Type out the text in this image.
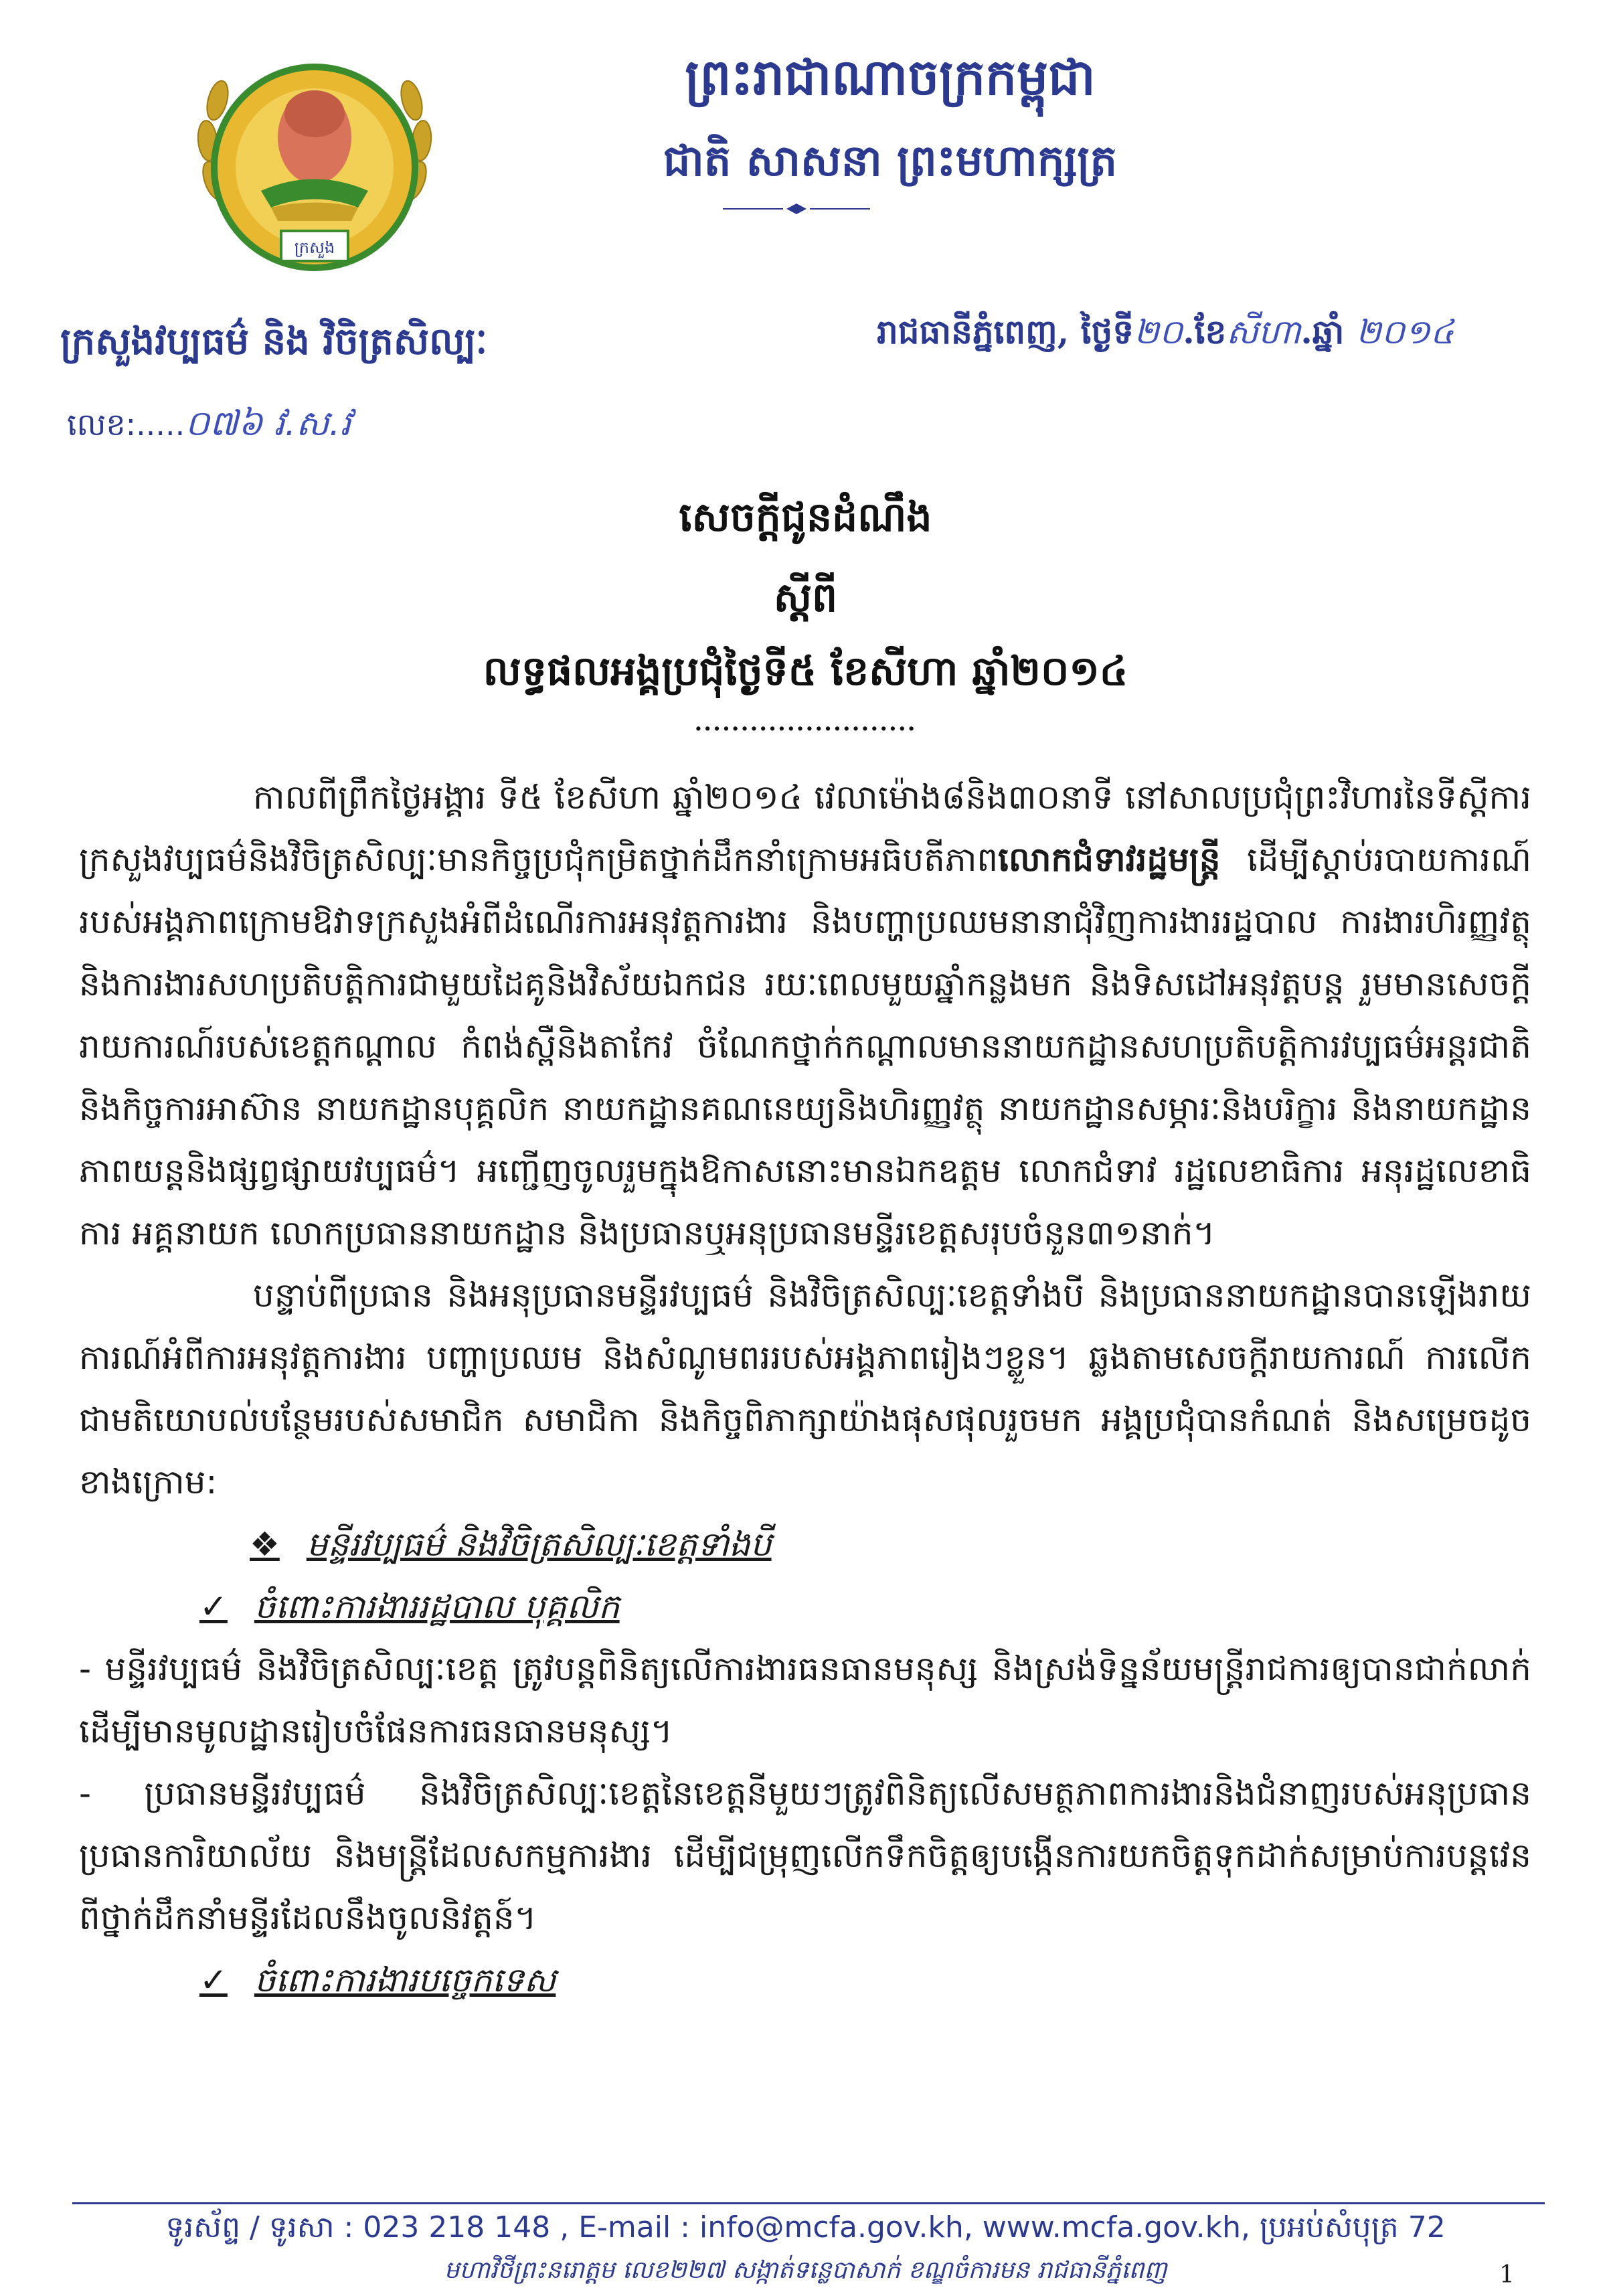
ក្រសួង
ព្រះរាជាណាចក្រកម្ពុជា
ជាតិ សាសនា ព្រះមហាក្សត្រ
ក្រសួងវប្បធម៌ និង វិចិត្រសិល្បៈ	រាជធានីភ្នំពេញ, ថ្ងៃទី២០.ខែសីហា.ឆ្នាំ ២០១៤
លេខ:.....០៧៦ វ.ស.វ
សេចក្តីជូនដំណឹង
ស្តីពី
លទ្ធផលអង្គប្រជុំថ្ងៃទី៥ ខែសីហា ឆ្នាំ២០១៤
........................

កាលពីព្រឹកថ្ងៃអង្គារ ទី៥ ខែសីហា ឆ្នាំ២០១៤ វេលាម៉ោង៨និង៣០នាទី នៅសាលប្រជុំព្រះវិហារនៃទីស្តីការក្រសួងវប្បធម៌និងវិចិត្រសិល្បៈមានកិច្ចប្រជុំកម្រិតថ្នាក់ដឹកនាំក្រោមអធិបតីភាពលោកជំទាវរដ្ឋមន្ត្រី ដើម្បីស្តាប់របាយការណ៍របស់អង្គភាពក្រោមឱវាទក្រសួងអំពីដំណើរការអនុវត្តការងារ និងបញ្ហាប្រឈមនានាជុំវិញការងាររដ្ឋបាល ការងារហិរញ្ញវត្ថុ និងការងារសហប្រតិបត្តិការជាមួយដៃគូនិងវិស័យឯកជន រយៈពេលមួយឆ្នាំកន្លងមក និងទិសដៅអនុវត្តបន្ត រួមមានសេចក្តីរាយការណ៍របស់ខេត្តកណ្តាល កំពង់ស្ពឺនិងតាកែវ ចំណែកថ្នាក់កណ្តាលមាននាយកដ្ឋានសហប្រតិបត្តិការវប្បធម៌អន្តរជាតិនិងកិច្ចការអាស៊ាន នាយកដ្ឋានបុគ្គលិក នាយកដ្ឋានគណនេយ្យនិងហិរញ្ញវត្ថុ នាយកដ្ឋានសម្ភារៈនិងបរិក្ខារ និងនាយកដ្ឋានភាពយន្តនិងផ្សព្វផ្សាយវប្បធម៌។ អញ្ជើញចូលរួមក្នុងឱកាសនោះមានឯកឧត្តម លោកជំទាវ រដ្ឋលេខាធិការ អនុរដ្ឋលេខាធិការ អគ្គនាយក លោកប្រធាននាយកដ្ឋាន និងប្រធានឬអនុប្រធានមន្ទីរខេត្តសរុបចំនួន៣១នាក់។

បន្ទាប់ពីប្រធាន និងអនុប្រធានមន្ទីរវប្បធម៌ និងវិចិត្រសិល្បៈខេត្តទាំងបី និងប្រធាននាយកដ្ឋានបានឡើងរាយការណ៍អំពីការអនុវត្តការងារ បញ្ហាប្រឈម និងសំណូមពររបស់អង្គភាពរៀងៗខ្លួន។ ឆ្លងតាមសេចក្តីរាយការណ៍ ការលើកជាមតិយោបល់បន្ថែមរបស់សមាជិក សមាជិកា និងកិច្ចពិភាក្សាយ៉ាងផុសផុលរួចមក អង្គប្រជុំបានកំណត់ និងសម្រេចដូចខាងក្រោម:

❖ មន្ទីរវប្បធម៌ និងវិចិត្រសិល្បៈខេត្តទាំងបី
✓ ចំពោះការងាររដ្ឋបាល បុគ្គលិក

- មន្ទីរវប្បធម៌ និងវិចិត្រសិល្បៈខេត្ត ត្រូវបន្តពិនិត្យលើការងារធនធានមនុស្ស និងស្រង់ទិន្នន័យមន្ត្រីរាជការឲ្យបានជាក់លាក់ ដើម្បីមានមូលដ្ឋានរៀបចំផែនការធនធានមនុស្ស។

- ប្រធានមន្ទីរវប្បធម៌ និងវិចិត្រសិល្បៈខេត្តនៃខេត្តនីមួយៗត្រូវពិនិត្យលើសមត្ថភាពការងារនិងជំនាញរបស់អនុប្រធាន ប្រធានការិយាល័យ និងមន្ត្រីដែលសកម្មការងារ ដើម្បីជម្រុញលើកទឹកចិត្តឲ្យបង្កើនការយកចិត្តទុកដាក់សម្រាប់ការបន្តវេន ពីថ្នាក់ដឹកនាំមន្ទីរដែលនឹងចូលនិវត្តន៍។

✓ ចំពោះការងារបច្ចេកទេស
ទូរស័ព្ទ / ទូរសា : 023 218 148 , E-mail : info@mcfa.gov.kh, www.mcfa.gov.kh, ប្រអប់សំបុត្រ 72
មហាវិថីព្រះនរោត្តម លេខ២២៧ សង្កាត់ទន្លេបាសាក់ ខណ្ឌចំការមន រាជធានីភ្នំពេញ	1
